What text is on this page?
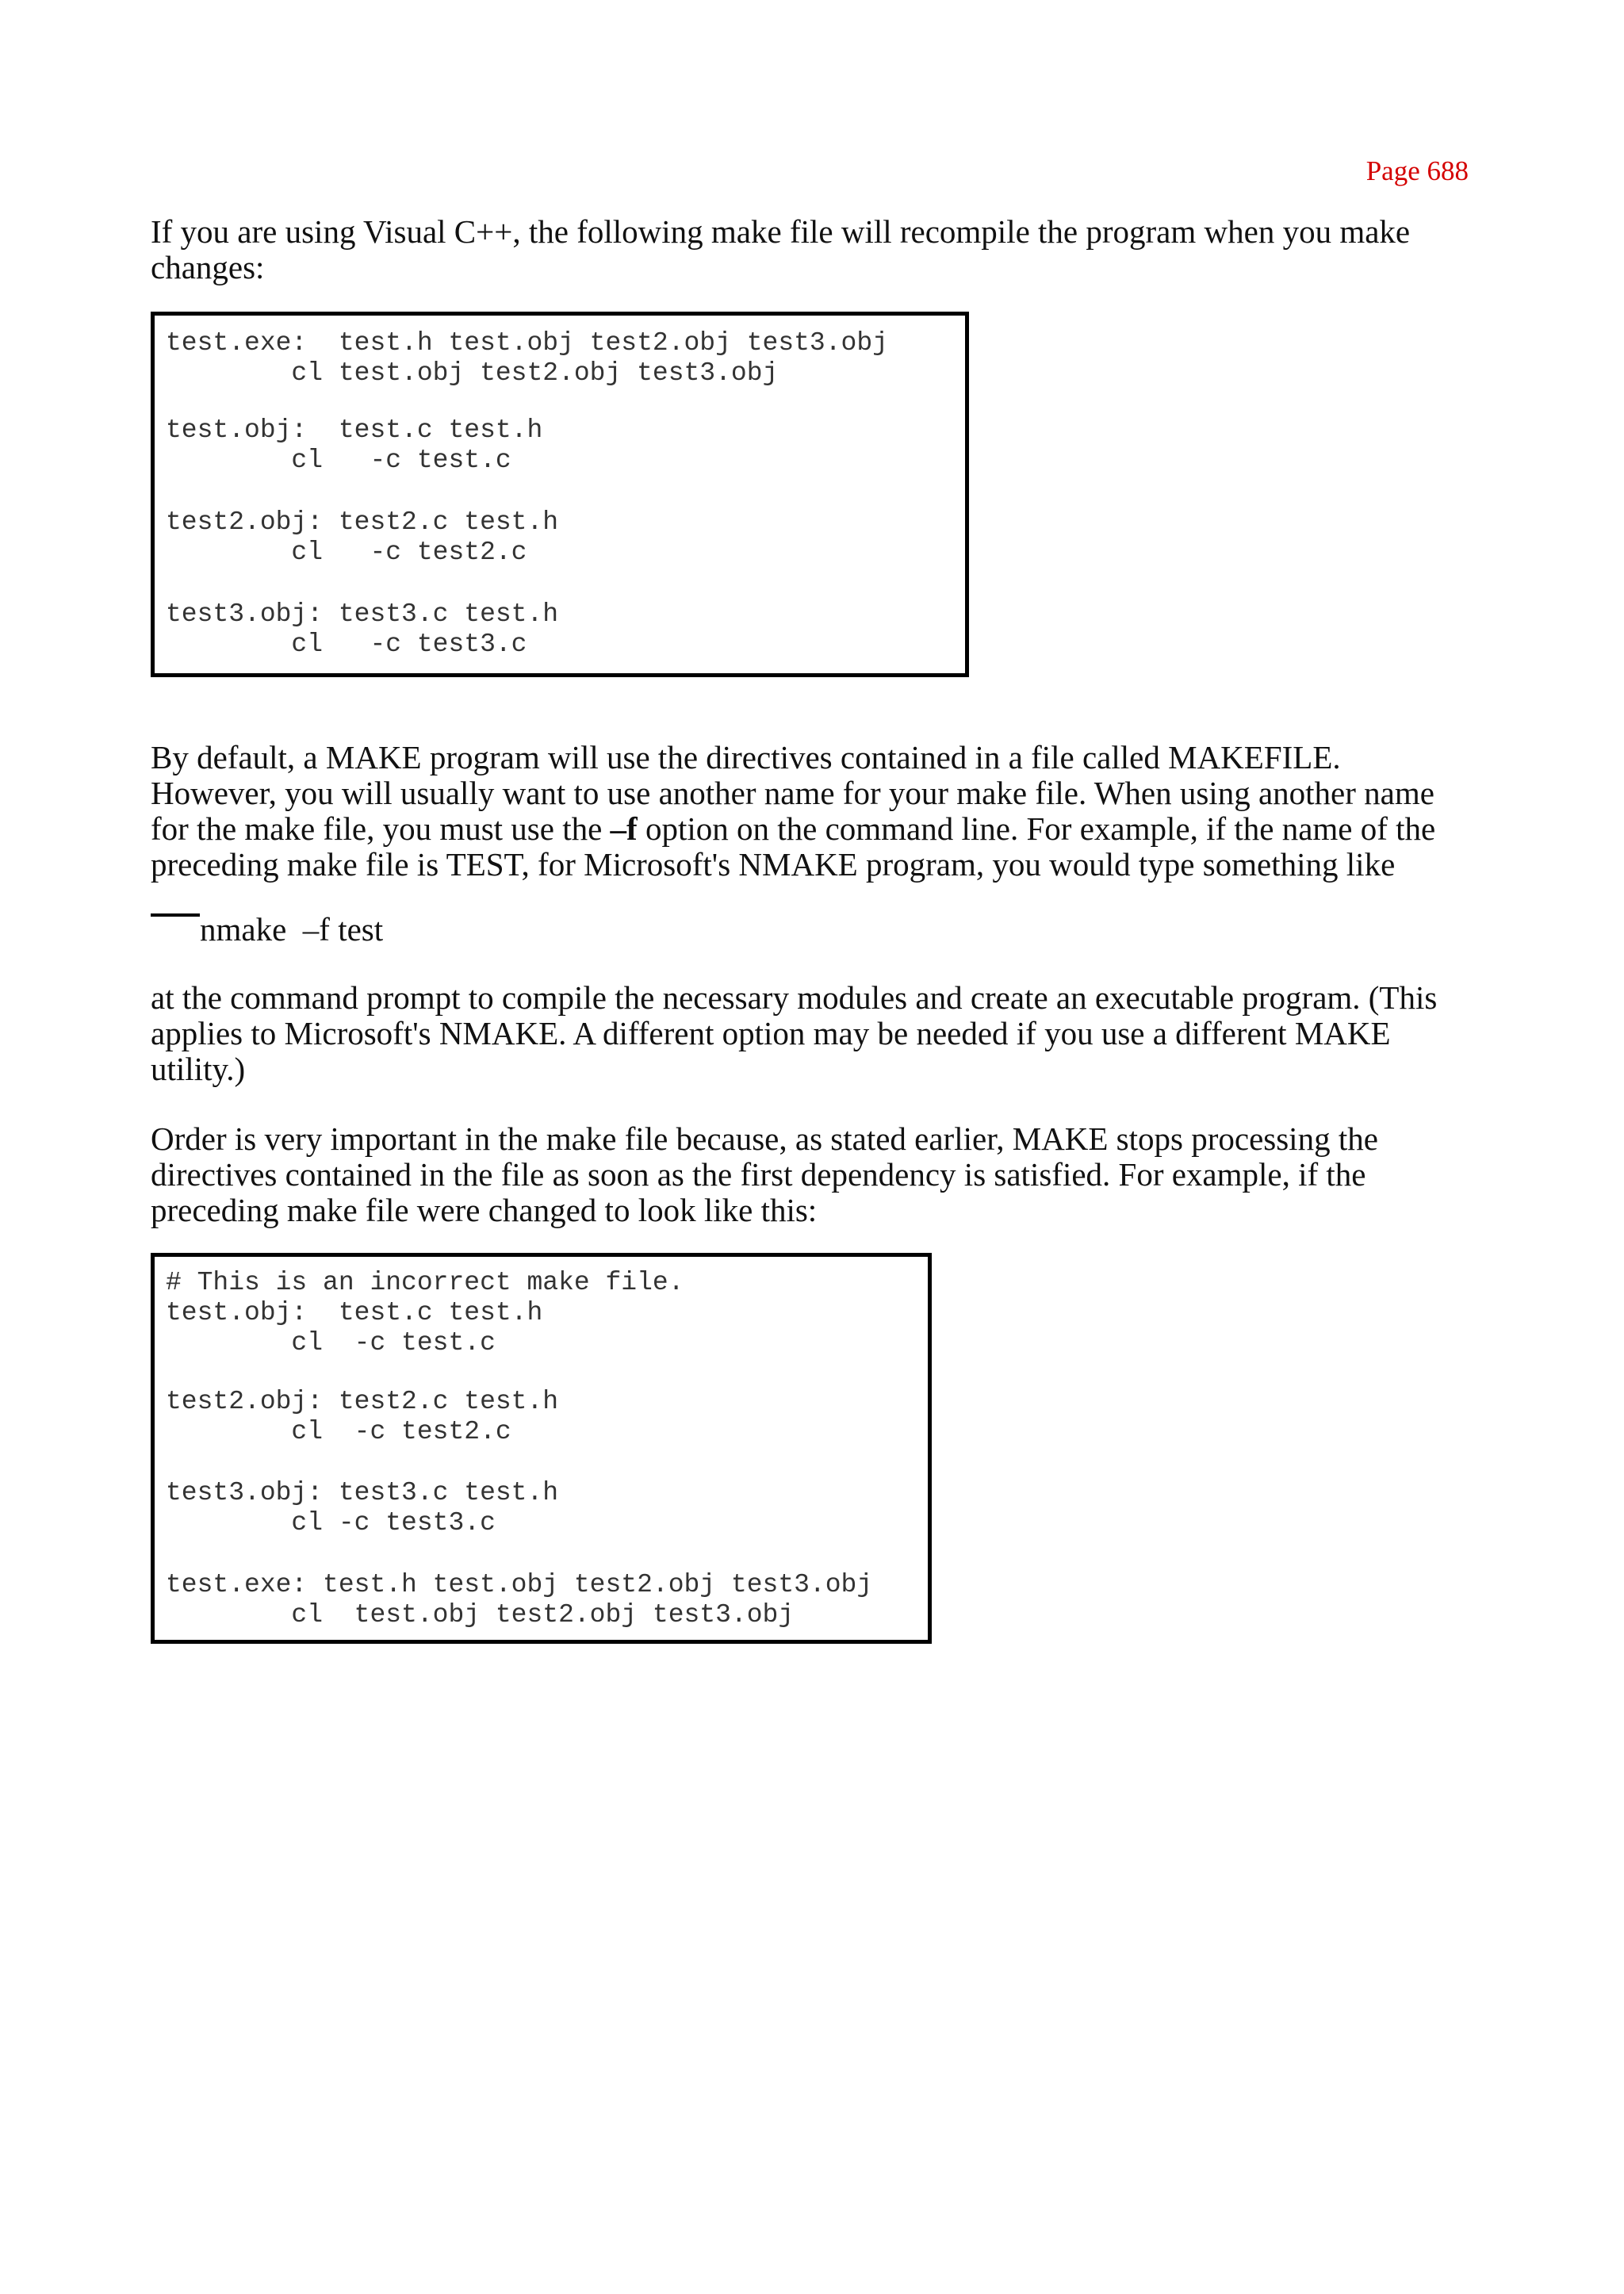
Page 688

If you are using Visual C++, the following make file will recompile the program when you make changes:

test.exe:  test.h test.obj test2.obj test3.obj
cl test.obj test2.obj test3.obj
test.obj:  test.c test.h
cl   -c test.c
test2.obj: test2.c test.h
cl   -c test2.c
test3.obj: test3.c test.h
cl   -c test3.c

By default, a MAKE program will use the directives contained in a file called MAKEFILE. However, you will usually want to use another name for your make file. When using another name for the make file, you must use the –f option on the command line. For example, if the name of the preceding make file is TEST, for Microsoft's NMAKE program, you would type something like

nmake  –f test

at the command prompt to compile the necessary modules and create an executable program. (This applies to Microsoft's NMAKE. A different option may be needed if you use a different MAKE utility.)

Order is very important in the make file because, as stated earlier, MAKE stops processing the directives contained in the file as soon as the first dependency is satisfied. For example, if the preceding make file were changed to look like this:

# This is an incorrect make file.
test.obj:  test.c test.h
cl  -c test.c
test2.obj: test2.c test.h
cl  -c test2.c
test3.obj: test3.c test.h
cl -c test3.c
test.exe: test.h test.obj test2.obj test3.obj
cl  test.obj test2.obj test3.obj
